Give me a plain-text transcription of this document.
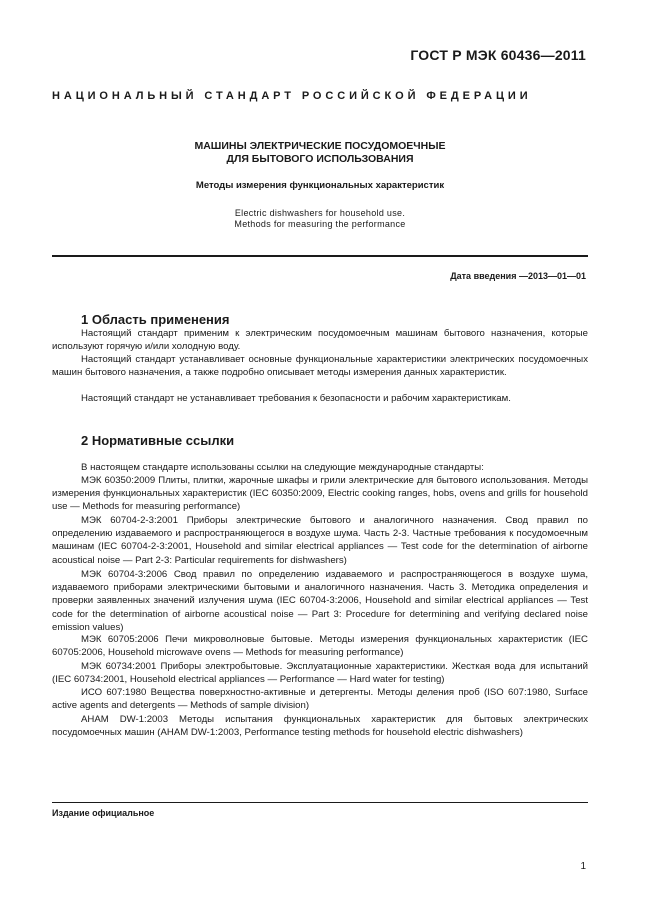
ГОСТ Р МЭК 60436—2011
НАЦИОНАЛЬНЫЙ СТАНДАРТ РОССИЙСКОЙ ФЕДЕРАЦИИ
МАШИНЫ ЭЛЕКТРИЧЕСКИЕ ПОСУДОМОЕЧНЫЕ
ДЛЯ БЫТОВОГО ИСПОЛЬЗОВАНИЯ
Методы измерения функциональных характеристик
Electric dishwashers for household use.
Methods for measuring the performance
Дата введения —2013—01—01
1 Область применения

Настоящий стандарт применим к электрическим посудомоечным машинам бытового назначения, которые используют горячую и/или холодную воду.

Настоящий стандарт устанавливает основные функциональные характеристики электрических посудомоечных машин бытового назначения, а также подробно описывает методы измерения данных характеристик.

Настоящий стандарт не устанавливает требования к безопасности и рабочим характеристикам.

2 Нормативные ссылки

В настоящем стандарте использованы ссылки на следующие международные стандарты:

МЭК 60350:2009 Плиты, плитки, жарочные шкафы и грили электрические для бытового использования. Методы измерения функциональных характеристик (IEC 60350:2009, Electric cooking ranges, hobs, ovens and grills for household use — Methods for measuring performance)

МЭК 60704-2-3:2001 Приборы электрические бытового и аналогичного назначения. Свод правил по определению издаваемого и распространяющегося в воздухе шума. Часть 2-3. Частные требования к посудомоечным машинам (IEC 60704-2-3:2001, Household and similar electrical appliances — Test code for the determination of airborne acoustical noise — Part 2-3: Particular requirements for dishwashers)

МЭК 60704-3:2006 Свод правил по определению издаваемого и распространяющегося в воздухе шума, издаваемого приборами электрическими бытовыми и аналогичного назначения. Часть 3. Методика определения и проверки заявленных значений излучения шума (IEC 60704-3:2006, Household and similar electrical appliances — Test code for the determination of airborne acoustical noise — Part 3: Procedure for determining and verifying declared noise emission values)

МЭК 60705:2006 Печи микроволновые бытовые. Методы измерения функциональных характеристик (IEC 60705:2006, Household microwave ovens — Methods for measuring performance)

МЭК 60734:2001 Приборы электробытовые. Эксплуатационные характеристики. Жесткая вода для испытаний (IEC 60734:2001, Household electrical appliances — Performance — Hard water for testing)

ИСО 607:1980 Вещества поверхностно-активные и детергенты. Методы деления проб (ISO 607:1980, Surface active agents and detergents — Methods of sample division)

AHAM DW-1:2003 Методы испытания функциональных характеристик для бытовых электрических посудомоечных машин (AHAM DW-1:2003, Performance testing methods for household electric dishwashers)

Издание официальное
1
